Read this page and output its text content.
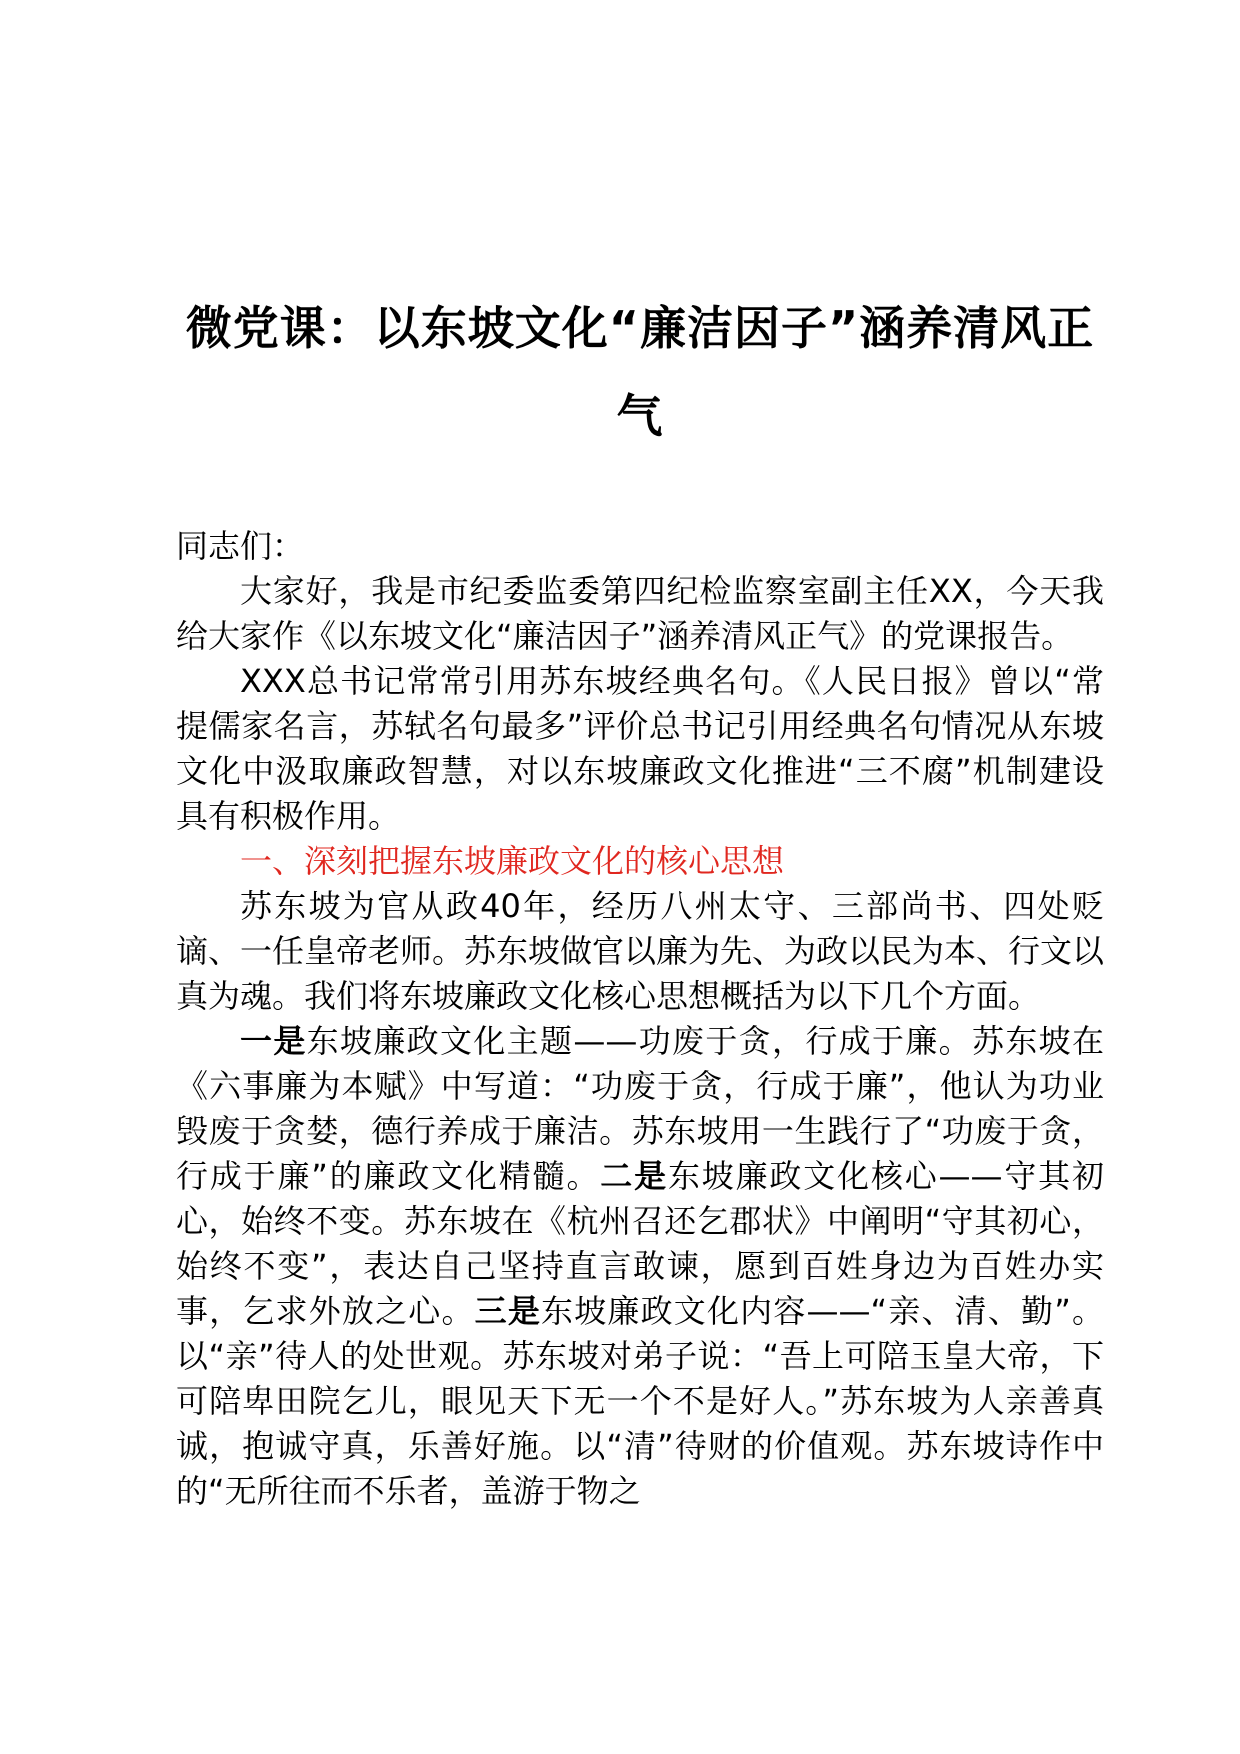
微党课：以东坡文化“廉洁因子”涵养清风正气

同志们：

大家好，我是市纪委监委第四纪检监察室副主任XX，今天我给大家作《以东坡文化“廉洁因子”涵养清风正气》的党课报告。

XXX总书记常常引用苏东坡经典名句。《人民日报》曾以“常提儒家名言，苏轼名句最多”评价总书记引用经典名句情况从东坡文化中汲取廉政智慧，对以东坡廉政文化推进“三不腐”机制建设具有积极作用。

一、深刻把握东坡廉政文化的核心思想

苏东坡为官从政40年，经历八州太守、三部尚书、四处贬谪、一任皇帝老师。苏东坡做官以廉为先、为政以民为本、行文以真为魂。我们将东坡廉政文化核心思想概括为以下几个方面。

一是东坡廉政文化主题——功废于贪，行成于廉。苏东坡在《六事廉为本赋》中写道：“功废于贪，行成于廉”，他认为功业毁废于贪婪，德行养成于廉洁。苏东坡用一生践行了“功废于贪，行成于廉”的廉政文化精髓。二是东坡廉政文化核心——守其初心，始终不变。苏东坡在《杭州召还乞郡状》中阐明“守其初心，始终不变”，表达自己坚持直言敢谏，愿到百姓身边为百姓办实事，乞求外放之心。三是东坡廉政文化内容——“亲、清、勤”。以“亲”待人的处世观。苏东坡对弟子说：“吾上可陪玉皇大帝，下可陪卑田院乞儿，眼见天下无一个不是好人。”苏东坡为人亲善真诚，抱诚守真，乐善好施。以“清”待财的价值观。苏东坡诗作中的“无所往而不乐者，盖游于物之
